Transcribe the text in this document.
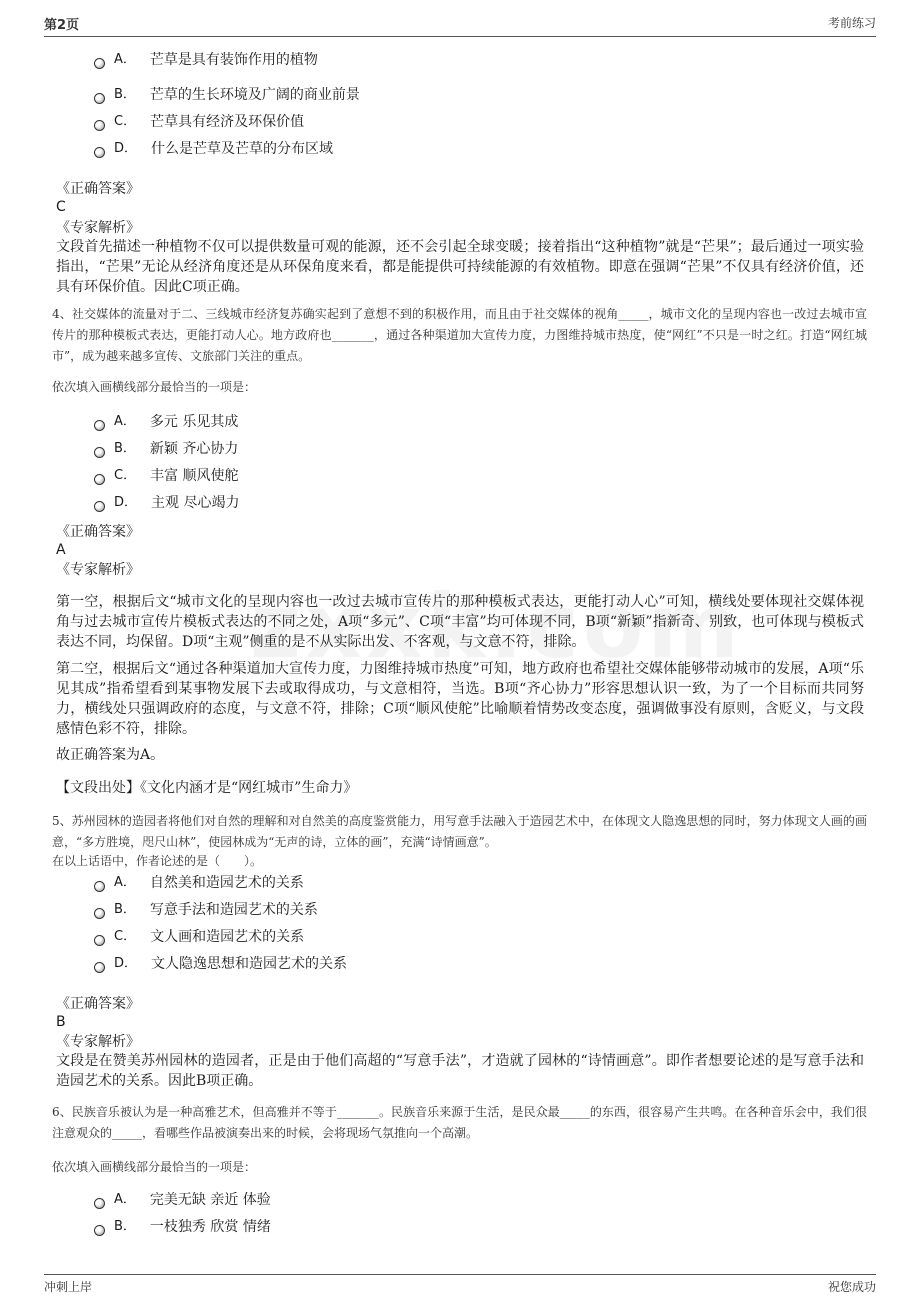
第2页	考前练习
A． 芒草是具有装饰作用的植物
B． 芒草的生长环境及广阔的商业前景
C． 芒草具有经济及环保价值
D． 什么是芒草及芒草的分布区域
《正确答案》
C
《专家解析》
文段首先描述一种植物不仅可以提供数量可观的能源，还不会引起全球变暖；接着指出“这种植物”就是“芒果”；最后通过一项实验指出，“芒果”无论从经济角度还是从环保角度来看，都是能提供可持续能源的有效植物。即意在强调“芒果”不仅具有经济价值，还具有环保价值。因此C项正确。
4、社交媒体的流量对于二、三线城市经济复苏确实起到了意想不到的积极作用，而且由于社交媒体的视角_____，城市文化的呈现内容也一改过去城市宣传片的那种模板式表达，更能打动人心。地方政府也_______，通过各种渠道加大宣传力度，力图维持城市热度，使“网红”不只是一时之红。打造“网红城市”，成为越来越多宣传、文旅部门关注的重点。
依次填入画横线部分最恰当的一项是：
A． 多元 乐见其成
B． 新颖 齐心协力
C． 丰富 顺风使舵
D． 主观 尽心竭力
《正确答案》
A
《专家解析》
第一空，根据后文“城市文化的呈现内容也一改过去城市宣传片的那种模板式表达，更能打动人心”可知，横线处要体现社交媒体视角与过去城市宣传片模板式表达的不同之处，A项“多元”、C项“丰富”均可体现不同，B项“新颖”指新奇、别致，也可体现与模板式表达不同，均保留。D项“主观”侧重的是不从实际出发、不客观，与文意不符，排除。
第二空，根据后文“通过各种渠道加大宣传力度，力图维持城市热度”可知，地方政府也希望社交媒体能够带动城市的发展，A项“乐见其成”指希望看到某事物发展下去或取得成功，与文意相符，当选。B项“齐心协力”形容思想认识一致，为了一个目标而共同努力，横线处只强调政府的态度，与文意不符，排除；C项“顺风使舵”比喻顺着情势改变态度，强调做事没有原则，含贬义，与文段感情色彩不符，排除。
故正确答案为A。
【文段出处】《文化内涵才是“网红城市”生命力》
5、苏州园林的造园者将他们对自然的理解和对自然美的高度鉴赏能力，用写意手法融入于造园艺术中，在体现文人隐逸思想的同时，努力体现文人画的画意，“多方胜境，咫尺山林”，使园林成为“无声的诗，立体的画”，充满“诗情画意”。
在以上话语中，作者论述的是（　　）。
A． 自然美和造园艺术的关系
B． 写意手法和造园艺术的关系
C． 文人画和造园艺术的关系
D． 文人隐逸思想和造园艺术的关系
《正确答案》
B
《专家解析》
文段是在赞美苏州园林的造园者，正是由于他们高超的“写意手法”，才造就了园林的“诗情画意”。即作者想要论述的是写意手法和造园艺术的关系。因此B项正确。
6、民族音乐被认为是一种高雅艺术，但高雅并不等于_______。民族音乐来源于生活，是民众最_____的东西，很容易产生共鸣。在各种音乐会中，我们很注意观众的_____，看哪些作品被演奏出来的时候，会将现场气氛推向一个高潮。
依次填入画横线部分最恰当的一项是：
A． 完美无缺 亲近 体验
B． 一枝独秀 欣赏 情绪
冲刺上岸	祝您成功
